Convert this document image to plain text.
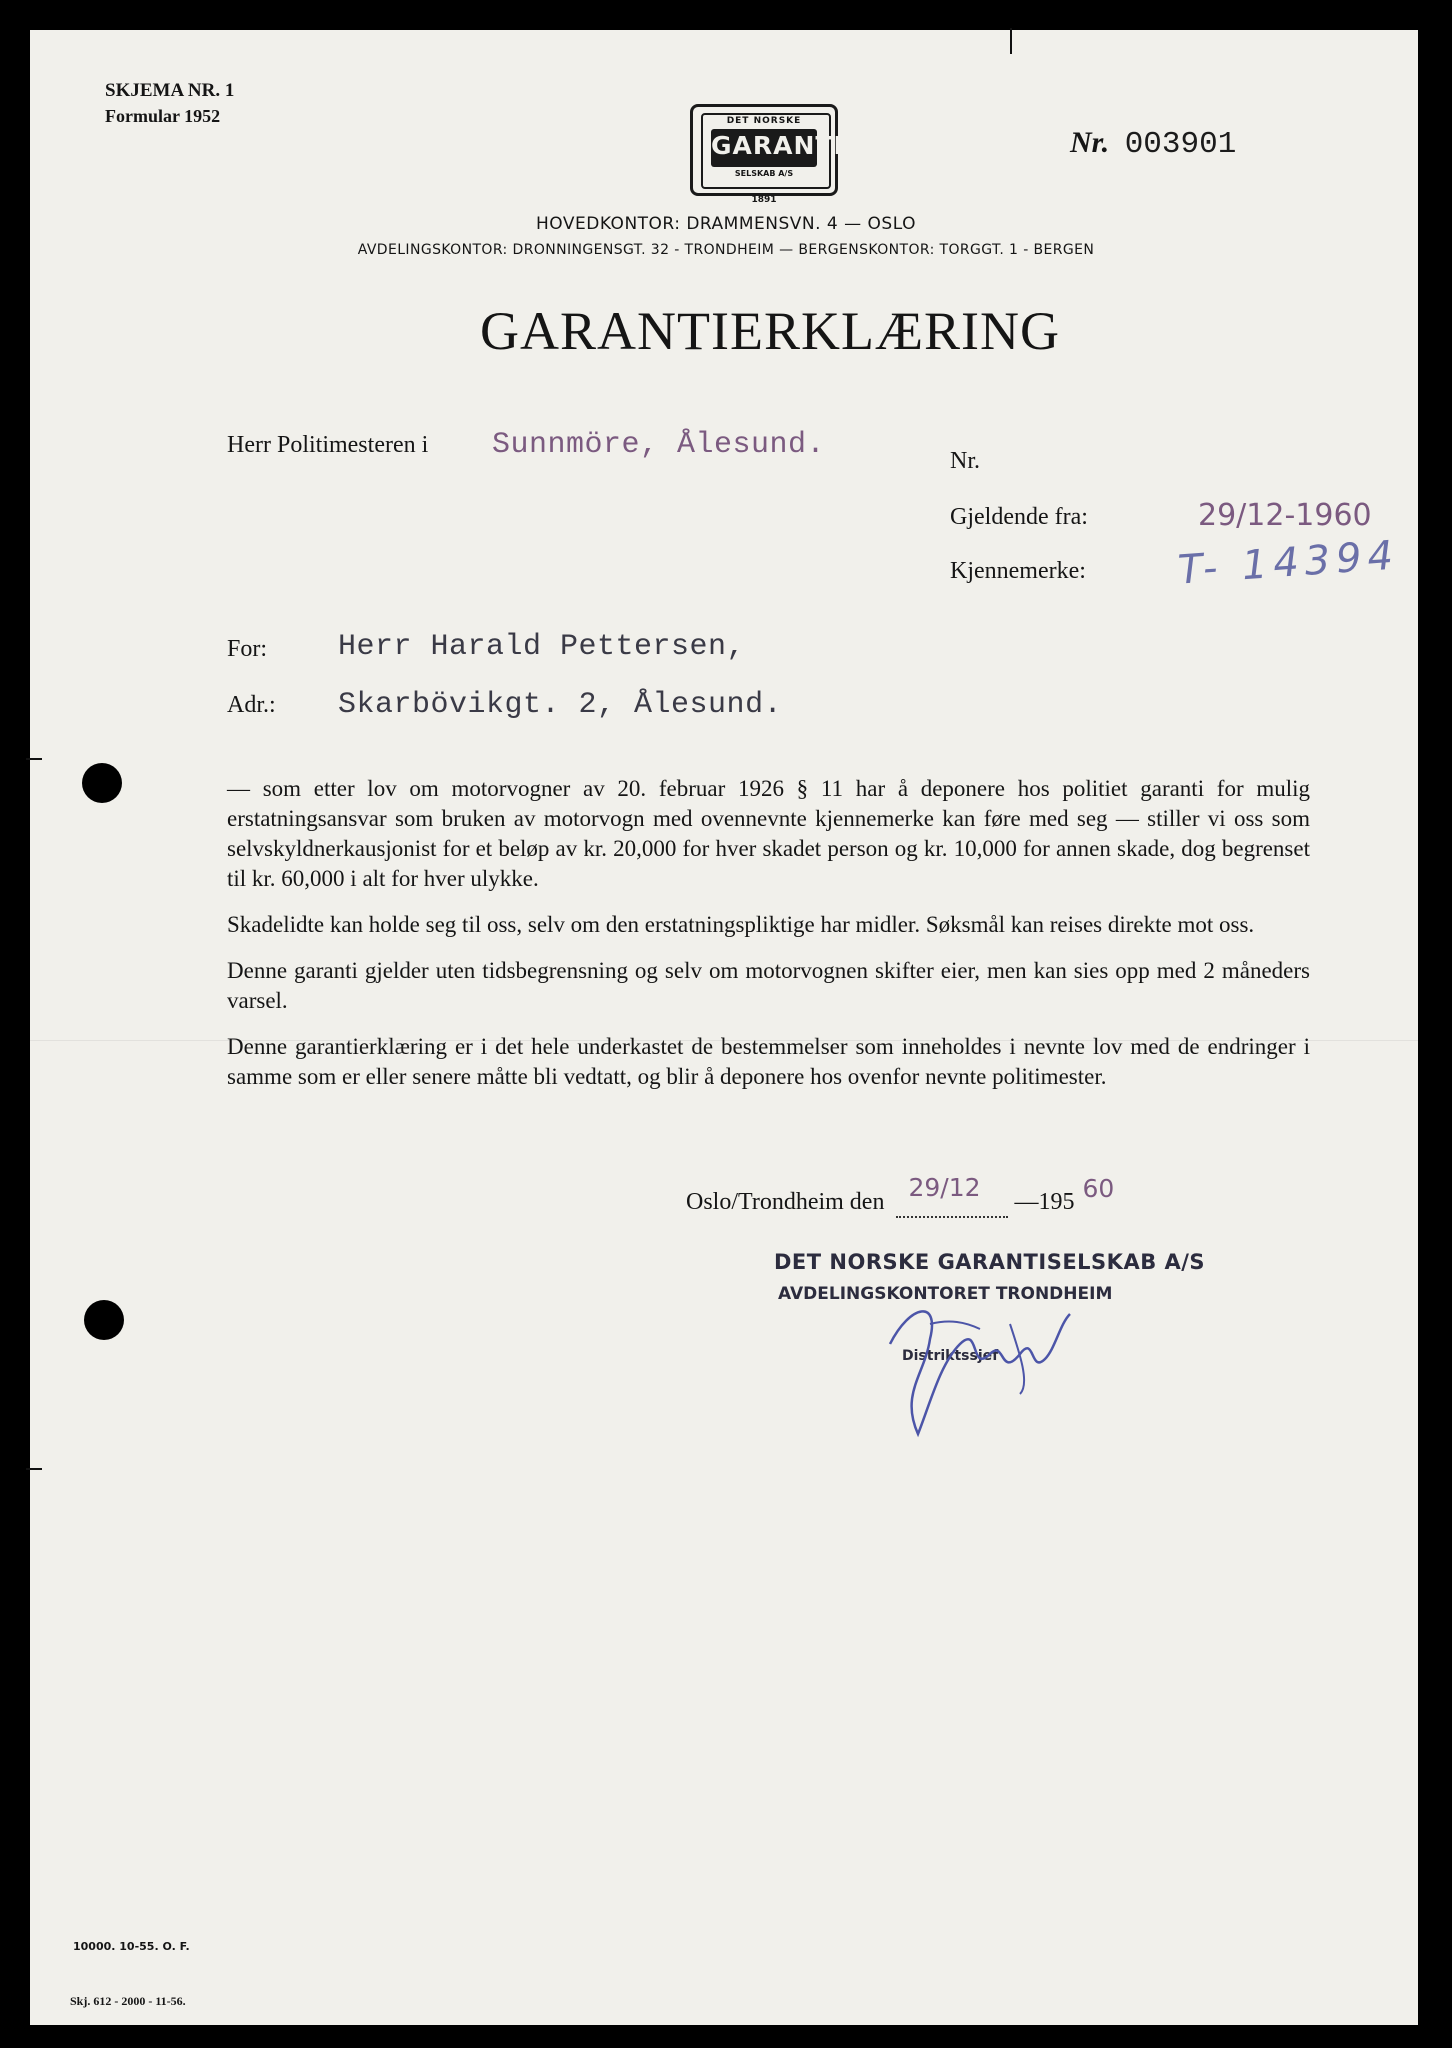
SKJEMA NR. 1
Formular 1952	DET NORSKE
GARANTI
SELSKAB A/S
1891
Nr. 003901
HOVEDKONTOR: DRAMMENSVN. 4 — OSLO
AVDELINGSKONTOR: DRONNINGENSGT. 32 - TRONDHEIM — BERGENSKONTOR: TORGGT. 1 - BERGEN
GARANTIERKLÆRING
Herr Politimesteren i Sunnmöre, Ålesund.	Nr.
Gjeldende fra:	29/12-1960
Kjennemerke: T- 14394
For: Herr Harald Pettersen,
Adr.: Skarbövikgt. 2, Ålesund.

— som etter lov om motorvogner av 20. februar 1926 § 11 har å deponere hos politiet garanti for mulig erstatningsansvar som bruken av motorvogn med ovennevnte kjennemerke kan føre med seg — stiller vi oss som selvskyldnerkausjonist for et beløp av kr. 20,000 for hver skadet person og kr. 10,000 for annen skade, dog begrenset til kr. 60,000 i alt for hver ulykke.

Skadelidte kan holde seg til oss, selv om den erstatningspliktige har midler. Søksmål kan reises direkte mot oss.

Denne garanti gjelder uten tidsbegrensning og selv om motorvognen skifter eier, men kan sies opp med 2 måneders varsel.

Denne garantierklæring er i det hele underkastet de bestemmelser som inneholdes i nevnte lov med de endringer i samme som er eller senere måtte bli vedtatt, og blir å deponere hos ovenfor nevnte politimester.

Oslo/Trondheim den 29/12 —195 60
DET NORSKE GARANTISELSKAB A/S
AVDELINGSKONTORET TRONDHEIM
Distriktssjef
10000. 10-55. O. F.
Skj. 612 - 2000 - 11-56.
